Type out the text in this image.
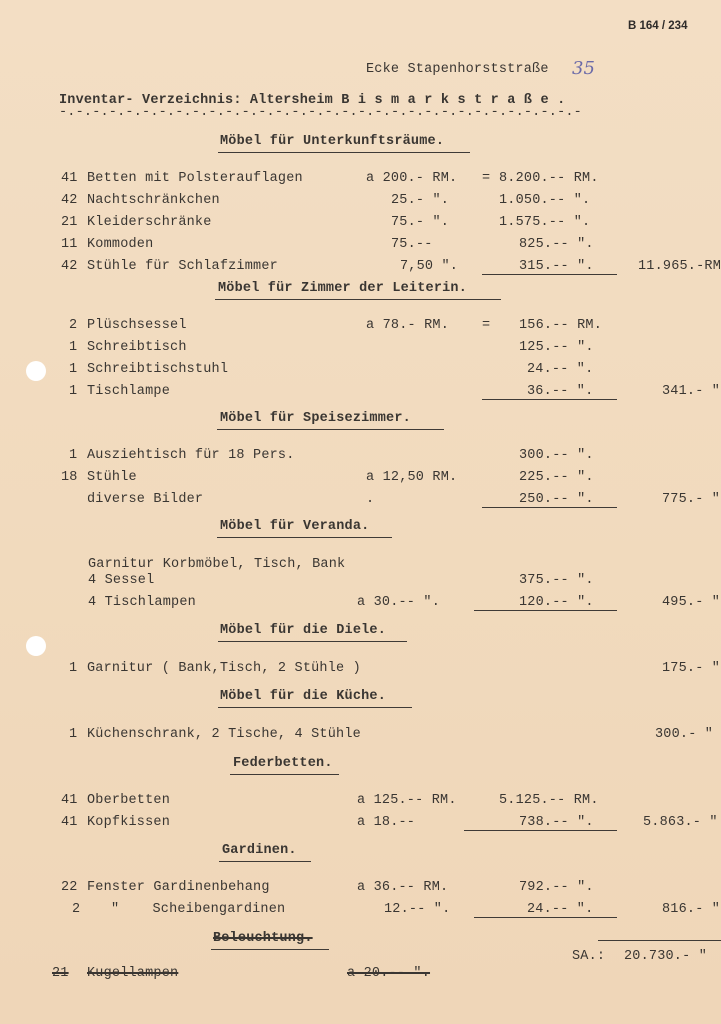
B 164 / 234
Ecke Stapenhorststraße 35
Inventar- Verzeichnis: Altersheim B i s m a r k s t r a ß e .
-.-.-.-.-.-.-.-.-.-.-.-.-.-.-.-.-.-.-.-.-.-.-.-.-.-.-.-.-.-.-.-
Möbel für Unterkunftsräume.
41 Betten mit Polsterauflagen	a 200.- RM. = 8.200.-- RM.
42 Nachtschränkchen	25.- ".	1.050.-- ".
21 Kleiderschränke	75.- ".	1.575.-- ".
11 Kommoden	75.--	825.-- ".
42 Stühle für Schlafzimmer	7,50 ".	315.-- ".	11.965.-RM
Möbel für Zimmer der Leiterin.
2 Plüschsessel	a 78.- RM. = 156.-- RM.
1 Schreibtisch	125.-- ".
1 Schreibtischstuhl	24.-- ".
1 Tischlampe	36.-- ".	341.- "
Möbel für Speisezimmer.
1 Ausziehtisch für 18 Pers.	300.-- ".
18 Stühle	a 12,50 RM.	225.-- ".
diverse Bilder	.	250.-- ".	775.- "
Möbel für Veranda.
Garnitur Korbmöbel, Tisch, Bank
4 Sessel	375.-- ".
4 Tischlampen	a 30.-- ".	120.-- ".	495.- "
Möbel für die Diele.
1 Garnitur ( Bank,Tisch, 2 Stühle )	175.- "
Möbel für die Küche.
1 Küchenschrank, 2 Tische, 4 Stühle	300.- "
Federbetten.
41 Oberbetten	a 125.-- RM.	5.125.-- RM.
41 Kopfkissen	a 18.--	738.-- ".	5.863.- "
Gardinen.
22 Fenster Gardinenbehang	a 36.-- RM.	792.-- ".
2 "    Scheibengardinen	12.-- ".	24.-- ".	816.- "
Beleuchtung.
SA.: 20.730.- "
21 Kugellampen	a 20.-- ".
